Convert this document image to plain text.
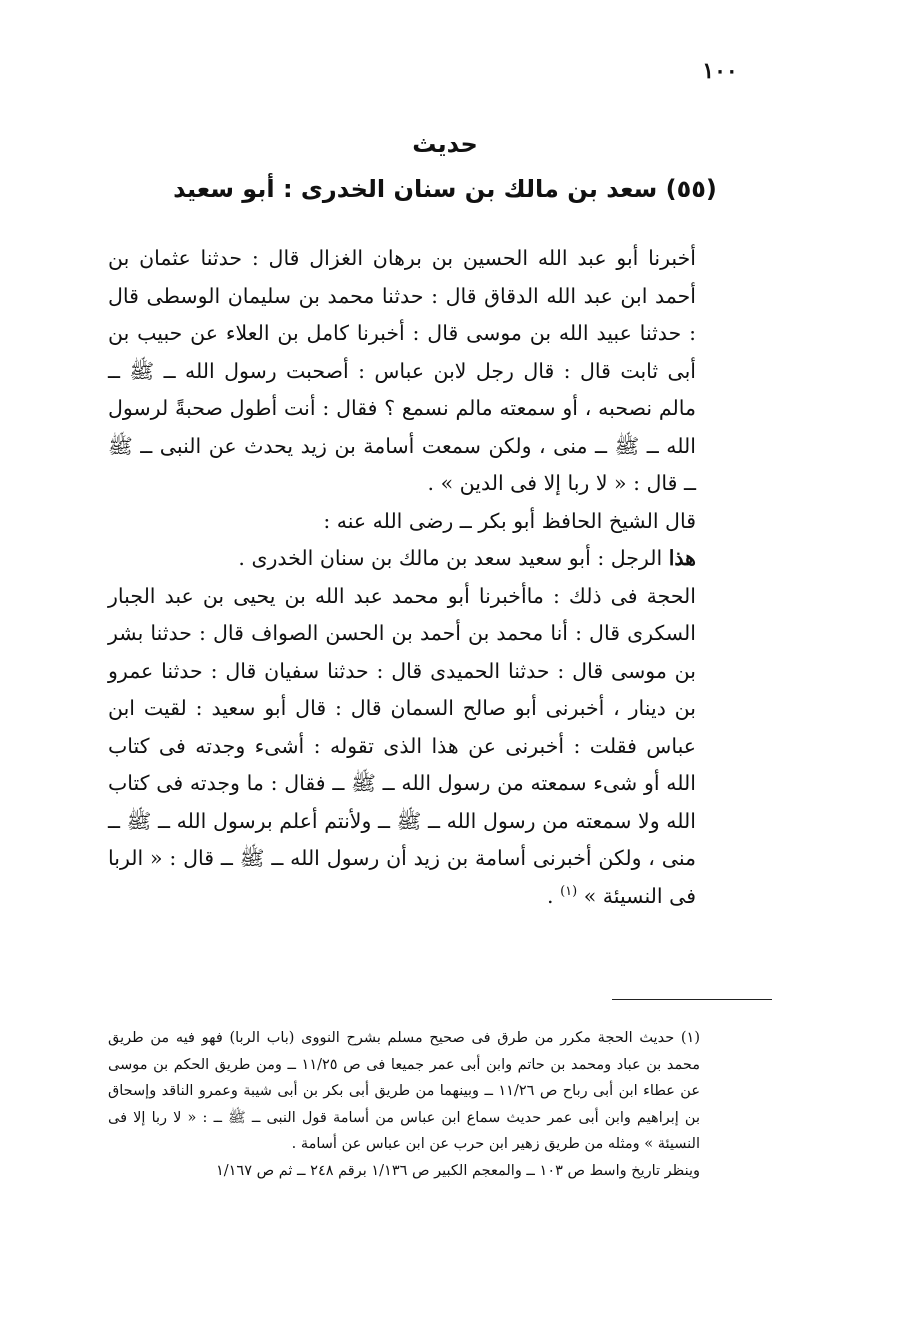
١٠٠
حديث
(٥٥) سعد بن مالك بن سنان الخدرى : أبو سعيد

أخبرنا أبو عبد الله الحسين بن برهان الغزال قال : حدثنا عثمان بن أحمد ابن عبد الله الدقاق قال : حدثنا محمد بن سليمان الوسطى قال : حدثنا عبيد الله بن موسى قال : أخبرنا كامل بن العلاء عن حبيب بن أبى ثابت قال : قال رجل لابن عباس : أصحبت رسول الله ــ ﷺ ــ مالم نصحبه ، أو سمعته مالم نسمع ؟ فقال : أنت أطول صحبةً لرسول الله ــ ﷺ ــ منى ، ولكن سمعت أسامة بن زيد يحدث عن النبى ــ ﷺ ــ قال : « لا ربا إلا فى الدين » .

قال الشيخ الحافظ أبو بكر ــ رضى الله عنه :

هذا الرجل : أبو سعيد سعد بن مالك بن سنان الخدرى .

الحجة فى ذلك : ماأخبرنا أبو محمد عبد الله بن يحيى بن عبد الجبار السكرى قال : أنا محمد بن أحمد بن الحسن الصواف قال : حدثنا بشر بن موسى قال : حدثنا الحميدى قال : حدثنا سفيان قال : حدثنا عمرو بن دينار ، أخبرنى أبو صالح السمان قال : قال أبو سعيد : لقيت ابن عباس فقلت : أخبرنى عن هذا الذى تقوله : أشىء وجدته فى كتاب الله أو شىء سمعته من رسول الله ــ ﷺ ــ فقال : ما وجدته فى كتاب الله ولا سمعته من رسول الله ــ ﷺ ــ ولأنتم أعلم برسول الله ــ ﷺ ــ منى ، ولكن أخبرنى أسامة بن زيد أن رسول الله ــ ﷺ ــ قال : « الربا فى النسيئة » $^{(١)}$ .

(١) حديث الحجة مكرر من طرق فى صحيح مسلم بشرح النووى (باب الربا) فهو فيه من طريق محمد بن عباد ومحمد بن حاتم وابن أبى عمر جميعا فى ص ١١/٢٥ ــ ومن طريق الحكم بن موسى عن عطاء ابن أبى رباح ص ١١/٢٦ ــ وبينهما من طريق أبى بكر بن أبى شيبة وعمرو الناقد وإسحاق بن إبراهيم وابن أبى عمر حديث سماع ابن عباس من أسامة قول النبى ــ ﷺ ــ : « لا ربا إلا فى النسيئة » ومثله من طريق زهير ابن حرب عن ابن عباس عن أسامة .

وينظر تاريخ واسط ص ١٠٣ ــ والمعجم الكبير ص ١/١٣٦ برقم ٢٤٨ ــ ثم ص ١/١٦٧
